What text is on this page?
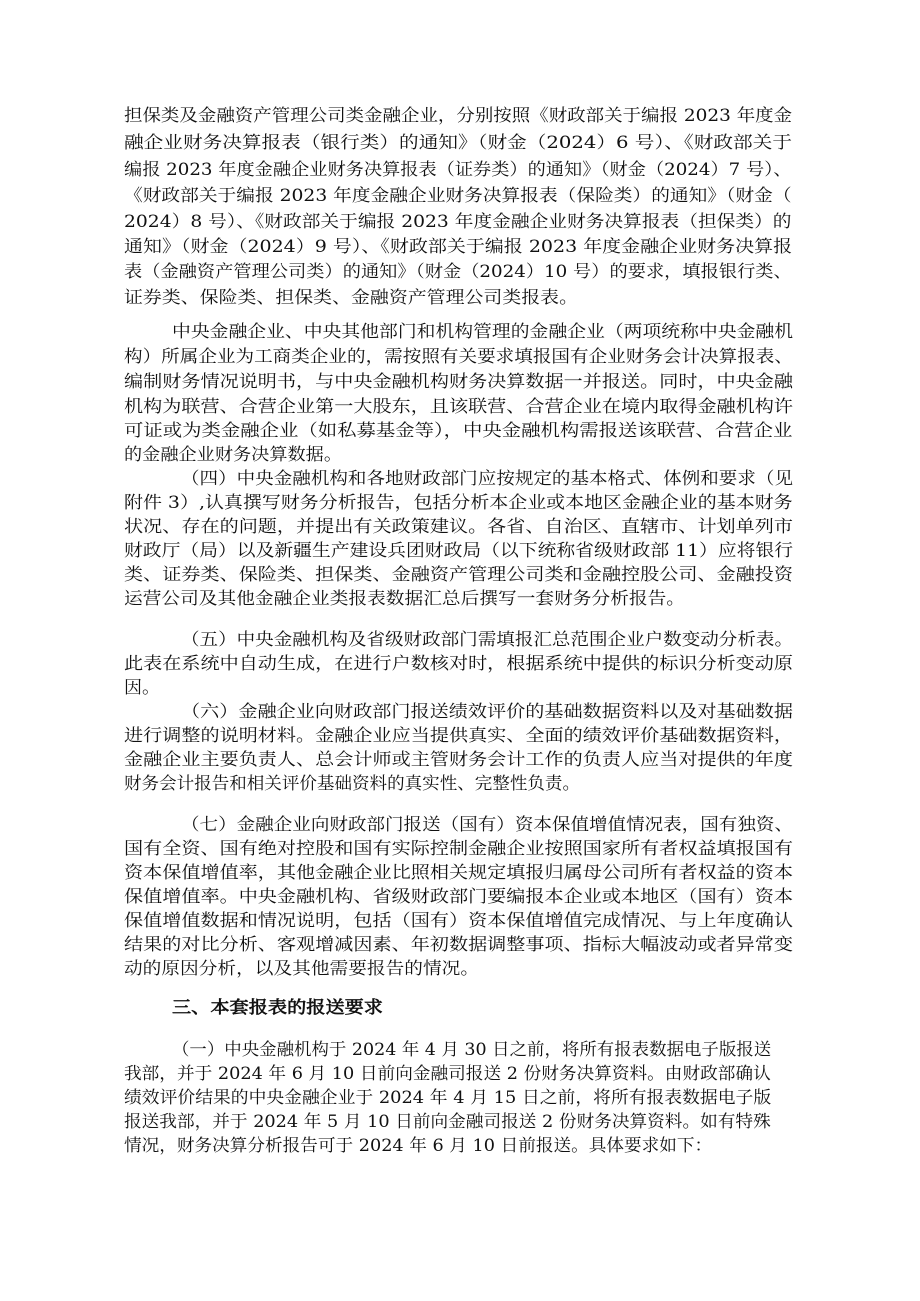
担保类及金融资产管理公司类金融企业，分别按照《财政部关于编报 2023 年度金
融企业财务决算报表（银行类）的通知》（财金（2024）6 号）、《财政部关于
编报 2023 年度金融企业财务决算报表（证券类）的通知》（财金（2024）7 号）、
《财政部关于编报 2023 年度金融企业财务决算报表（保险类）的通知》（财金（
2024）8 号）、《财政部关于编报 2023 年度金融企业财务决算报表（担保类）的
通知》（财金（2024）9 号）、《财政部关于编报 2023 年度金融企业财务决算报
表（金融资产管理公司类）的通知》（财金（2024）10 号）的要求，填报银行类、
证券类、保险类、担保类、金融资产管理公司类报表。
中央金融企业、中央其他部门和机构管理的金融企业（两项统称中央金融机
构）所属企业为工商类企业的，需按照有关要求填报国有企业财务会计决算报表、
编制财务情况说明书，与中央金融机构财务决算数据一并报送。同时，中央金融
机构为联营、合营企业第一大股东，且该联营、合营企业在境内取得金融机构许
可证或为类金融企业（如私募基金等），中央金融机构需报送该联营、合营企业
的金融企业财务决算数据。
（四）中央金融机构和各地财政部门应按规定的基本格式、体例和要求（见
附件 3）,认真撰写财务分析报告，包括分析本企业或本地区金融企业的基本财务
状况、存在的问题，并提出有关政策建议。各省、自治区、直辖市、计划单列市
财政厅（局）以及新疆生产建设兵团财政局（以下统称省级财政部 11）应将银行
类、证券类、保险类、担保类、金融资产管理公司类和金融控股公司、金融投资
运营公司及其他金融企业类报表数据汇总后撰写一套财务分析报告。
（五）中央金融机构及省级财政部门需填报汇总范围企业户数变动分析表。
此表在系统中自动生成，在进行户数核对时，根据系统中提供的标识分析变动原
因。
（六）金融企业向财政部门报送绩效评价的基础数据资料以及对基础数据
进行调整的说明材料。金融企业应当提供真实、全面的绩效评价基础数据资料，
金融企业主要负责人、总会计师或主管财务会计工作的负责人应当对提供的年度
财务会计报告和相关评价基础资料的真实性、完整性负责。
（七）金融企业向财政部门报送（国有）资本保值增值情况表，国有独资、
国有全资、国有绝对控股和国有实际控制金融企业按照国家所有者权益填报国有
资本保值增值率，其他金融企业比照相关规定填报归属母公司所有者权益的资本
保值增值率。中央金融机构、省级财政部门要编报本企业或本地区（国有）资本
保值增值数据和情况说明，包括（国有）资本保值增值完成情况、与上年度确认
结果的对比分析、客观增减因素、年初数据调整事项、指标大幅波动或者异常变
动的原因分析，以及其他需要报告的情况。
三、本套报表的报送要求
（一）中央金融机构于 2024 年 4 月 30 日之前，将所有报表数据电子版报送
我部，并于 2024 年 6 月 10 日前向金融司报送 2 份财务决算资料。由财政部确认
绩效评价结果的中央金融企业于 2024 年 4 月 15 日之前，将所有报表数据电子版
报送我部，并于 2024 年 5 月 10 日前向金融司报送 2 份财务决算资料。如有特殊
情况，财务决算分析报告可于 2024 年 6 月 10 日前报送。具体要求如下：
